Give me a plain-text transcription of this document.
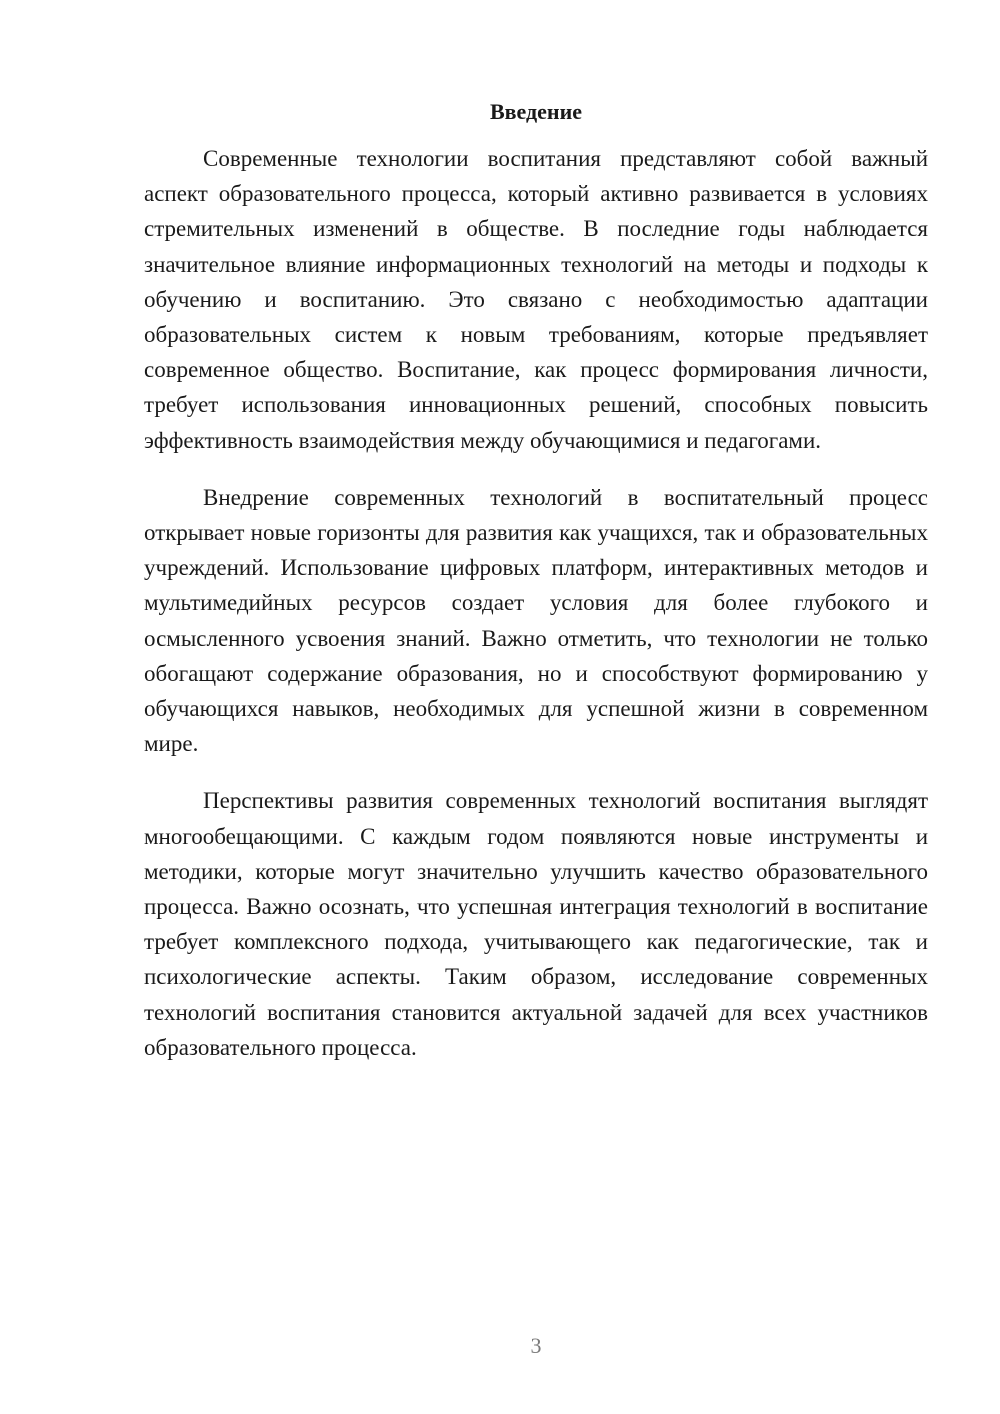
Введение

Современные технологии воспитания представляют собой важный аспект образовательного процесса, который активно развивается в условиях стремительных изменений в обществе. В последние годы наблюдается значительное влияние информационных технологий на методы и подходы к обучению и воспитанию. Это связано с необходимостью адаптации образовательных систем к новым требованиям, которые предъявляет современное общество. Воспитание, как процесс формирования личности, требует использования инновационных решений, способных повысить эффективность взаимодействия между обучающимися и педагогами.

Внедрение современных технологий в воспитательный процесс открывает новые горизонты для развития как учащихся, так и образовательных учреждений. Использование цифровых платформ, интерактивных методов и мультимедийных ресурсов создает условия для более глубокого и осмысленного усвоения знаний. Важно отметить, что технологии не только обогащают содержание образования, но и способствуют формированию у обучающихся навыков, необходимых для успешной жизни в современном мире.

Перспективы развития современных технологий воспитания выглядят многообещающими. С каждым годом появляются новые инструменты и методики, которые могут значительно улучшить качество образовательного процесса. Важно осознать, что успешная интеграция технологий в воспитание требует комплексного подхода, учитывающего как педагогические, так и психологические аспекты. Таким образом, исследование современных технологий воспитания становится актуальной задачей для всех участников образовательного процесса.

3
